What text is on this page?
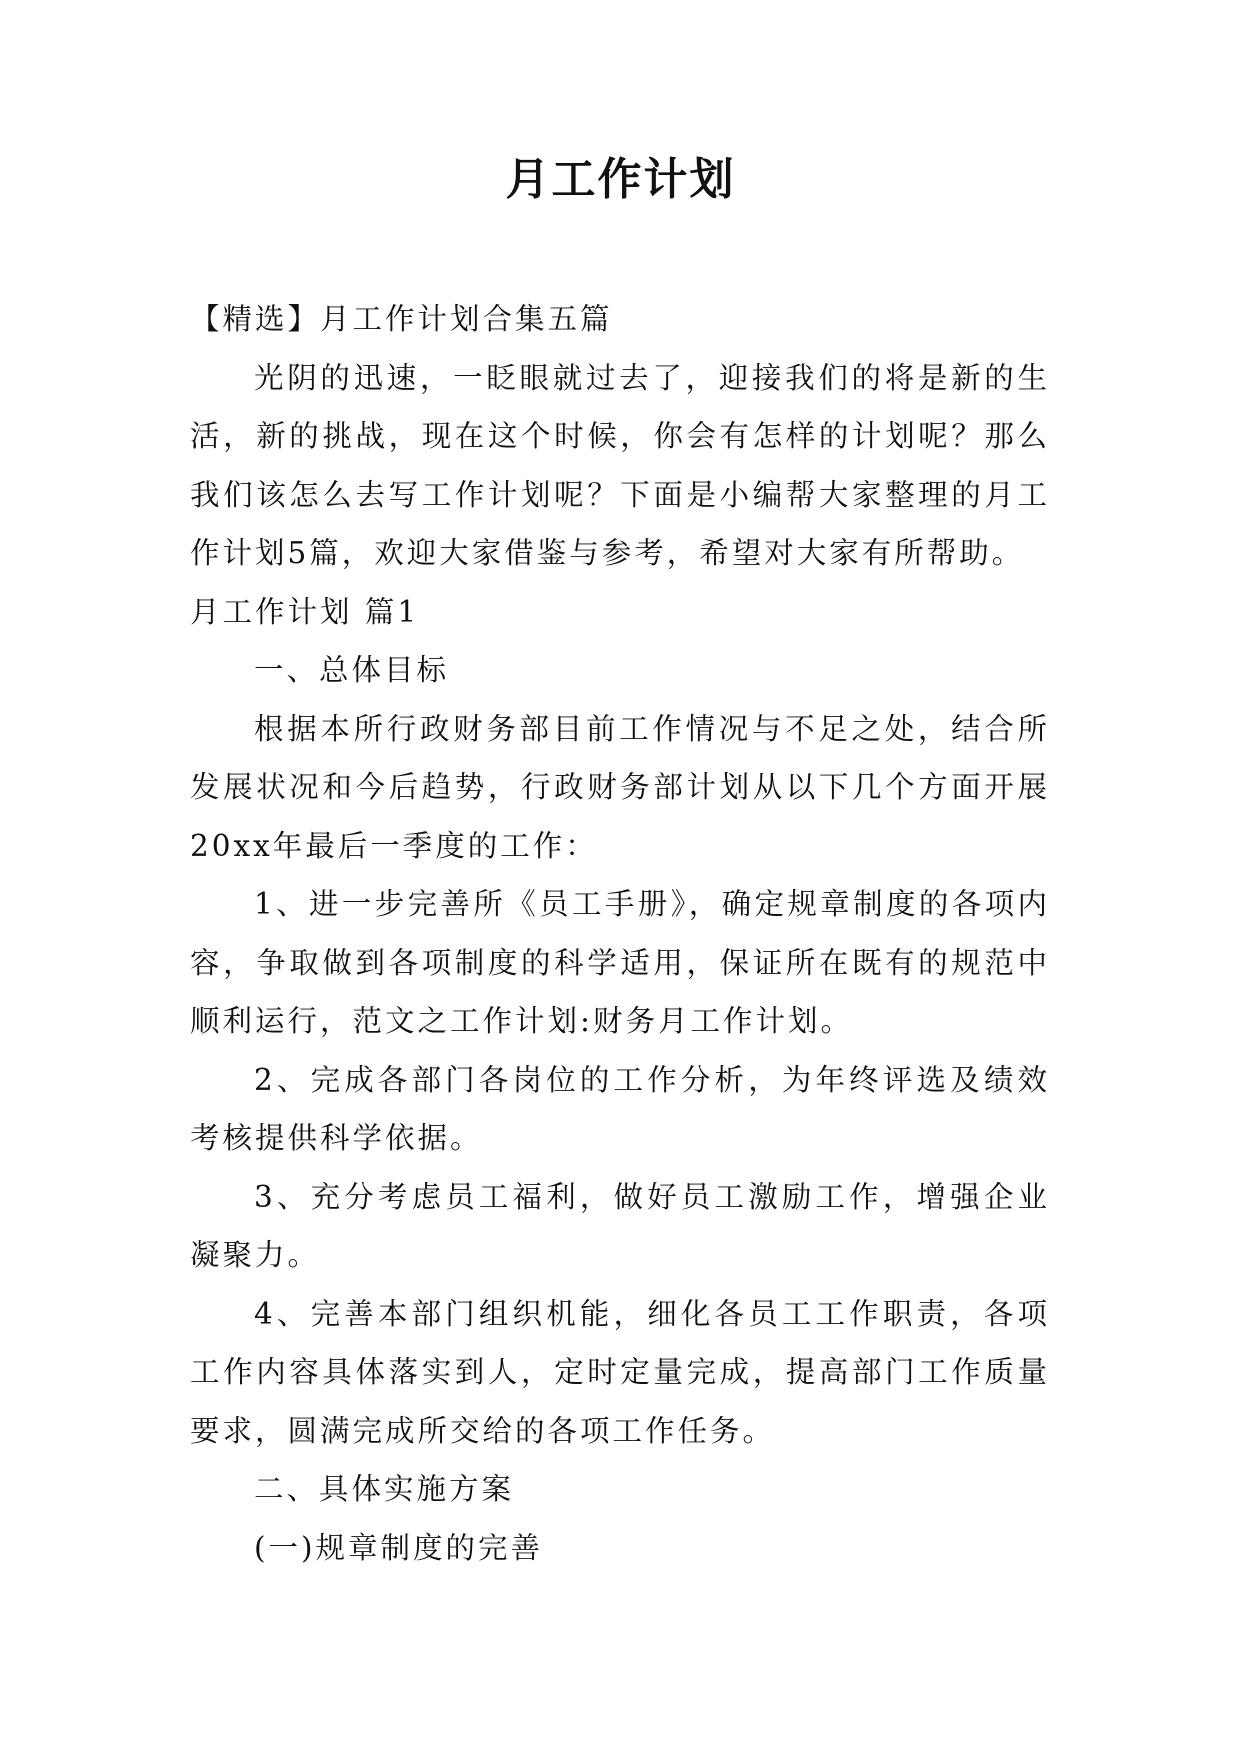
月工作计划

【精选】月工作计划合集五篇

光阴的迅速，一眨眼就过去了，迎接我们的将是新的生活，新的挑战，现在这个时候，你会有怎样的计划呢？那么我们该怎么去写工作计划呢？下面是小编帮大家整理的月工作计划5篇，欢迎大家借鉴与参考，希望对大家有所帮助。

月工作计划 篇1

一、总体目标

根据本所行政财务部目前工作情况与不足之处，结合所发展状况和今后趋势，行政财务部计划从以下几个方面开展20xx年最后一季度的工作：

1、进一步完善所《员工手册》，确定规章制度的各项内容，争取做到各项制度的科学适用，保证所在既有的规范中顺利运行，范文之工作计划:财务月工作计划。

2、完成各部门各岗位的工作分析，为年终评选及绩效考核提供科学依据。

3、充分考虑员工福利，做好员工激励工作，增强企业凝聚力。

4、完善本部门组织机能，细化各员工工作职责，各项工作内容具体落实到人，定时定量完成，提高部门工作质量要求，圆满完成所交给的各项工作任务。

二、具体实施方案

(一)规章制度的完善
